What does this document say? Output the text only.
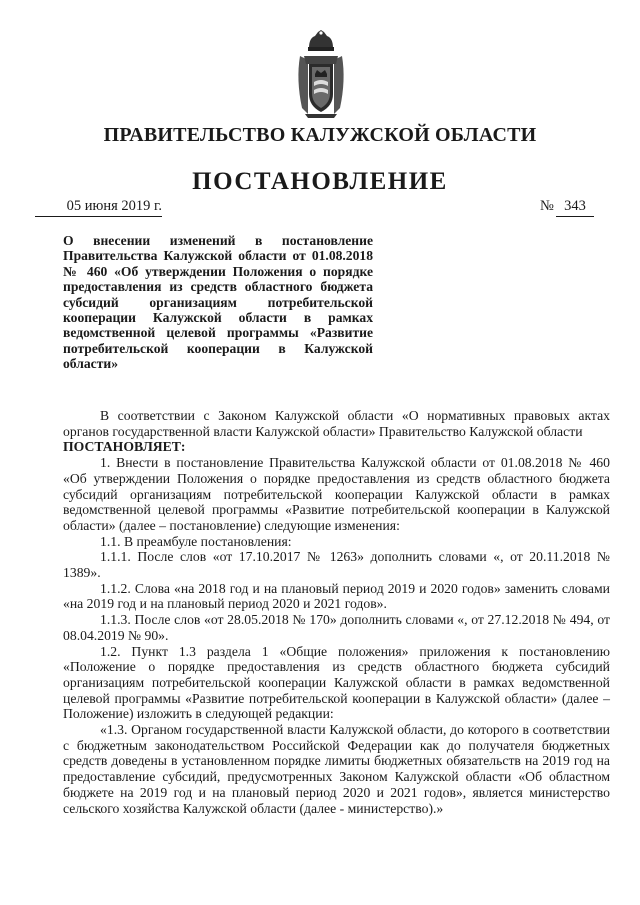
ПРАВИТЕЛЬСТВО КАЛУЖСКОЙ ОБЛАСТИ
ПОСТАНОВЛЕНИЕ
05 июня 2019 г.	№ 343
О внесении изменений в постановление Правительства Калужской области от 01.08.2018 № 460 «Об утверждении Положения о порядке предоставления из средств областного бюджета субсидий организациям потребительской кооперации Калужской области в рамках ведомственной целевой программы «Развитие потребительской кооперации в Калужской области»

В соответствии с Законом Калужской области «О нормативных правовых актах органов государственной власти Калужской области» Правительство Калужской области

ПОСТАНОВЛЯЕТ:

1. Внести в постановление Правительства Калужской области от 01.08.2018 № 460 «Об утверждении Положения о порядке предоставления из средств областного бюджета субсидий организациям потребительской кооперации Калужской области в рамках ведомственной целевой программы «Развитие потребительской кооперации в Калужской области» (далее – постановление) следующие изменения:

1.1. В преамбуле постановления:

1.1.1. После слов «от 17.10.2017 № 1263» дополнить словами «, от 20.11.2018 № 1389».

1.1.2. Слова «на 2018 год и на плановый период 2019 и 2020 годов» заменить словами «на 2019 год и на плановый период 2020 и 2021 годов».

1.1.3. После слов «от 28.05.2018 № 170» дополнить словами «, от 27.12.2018 № 494, от 08.04.2019 № 90».

1.2. Пункт 1.3 раздела 1 «Общие положения» приложения к постановлению «Положение о порядке предоставления из средств областного бюджета субсидий организациям потребительской кооперации Калужской области в рамках ведомственной целевой программы «Развитие потребительской кооперации в Калужской области» (далее – Положение) изложить в следующей редакции:

«1.3. Органом государственной власти Калужской области, до которого в соответствии с бюджетным законодательством Российской Федерации как до получателя бюджетных средств доведены в установленном порядке лимиты бюджетных обязательств на 2019 год на предоставление субсидий, предусмотренных Законом Калужской области «Об областном бюджете на 2019 год и на плановый период 2020 и 2021 годов», является министерство сельского хозяйства Калужской области (далее - министерство).»
